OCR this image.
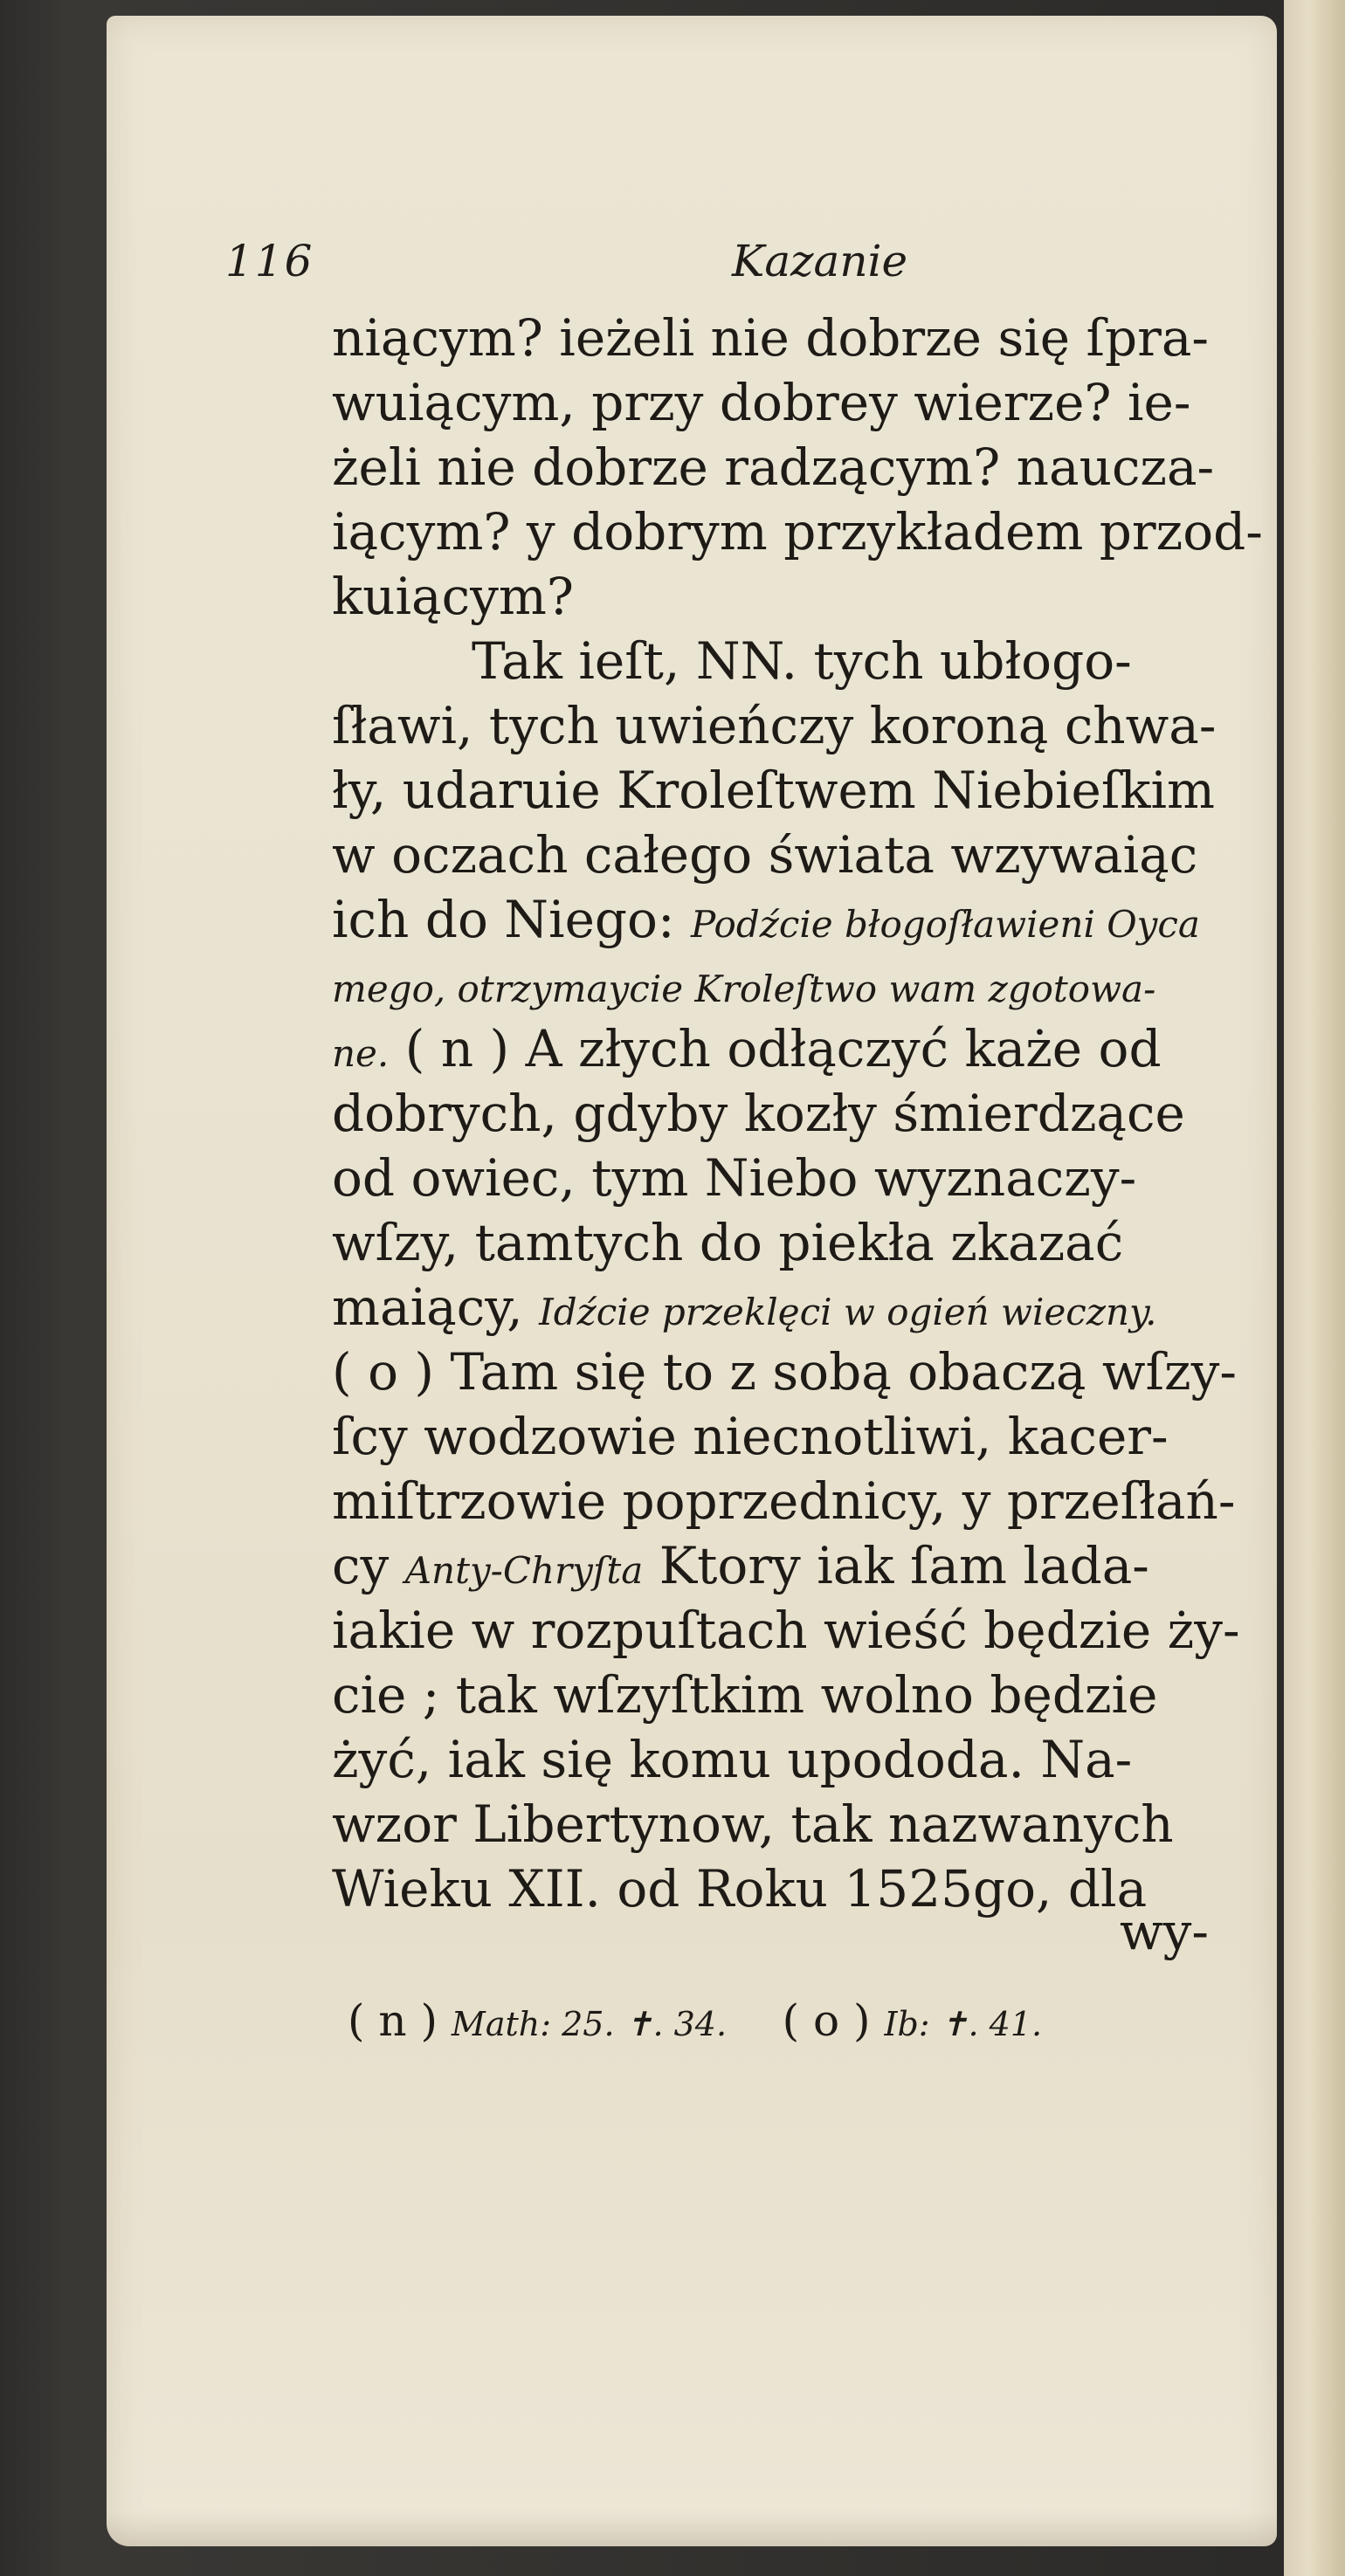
116	Kazanie
niącym? ieżeli nie dobrze się ſpra-
wuiącym, przy dobrey wierze? ie-
żeli nie dobrze radzącym? naucza-
iącym? y dobrym przykładem przod-
kuiącym?
Tak ieſt, NN. tych ubłogo-
ſławi, tych uwieńczy koroną chwa-
ły, udaruie Kroleſtwem Niebieſkim
w oczach całego świata wzywaiąc
ich do Niego: Podźcie błogoſławieni Oyca
mego, otrzymaycie Kroleſtwo wam zgotowa-
ne. ( n ) A złych odłączyć każe od
dobrych, gdyby kozły śmierdzące
od owiec, tym Niebo wyznaczy-
wſzy, tamtych do piekła zkazać
maiący, Idźcie przeklęci w ogień wieczny.
( o ) Tam się to z sobą obaczą wſzy-
ſcy wodzowie niecnotliwi, kacer-
miſtrzowie poprzednicy, y przeſłań-
cy Anty-Chryſta Ktory iak ſam lada-
iakie w rozpuſtach wieść będzie ży-
cie ; tak wſzyſtkim wolno będzie
żyć, iak się komu upododa. Na-
wzor Libertynow, tak nazwanych
Wieku XII. od Roku 1525go, dla
wy-
( n ) Math: 25. ✝. 34. ( o ) Ib: ✝. 41.
